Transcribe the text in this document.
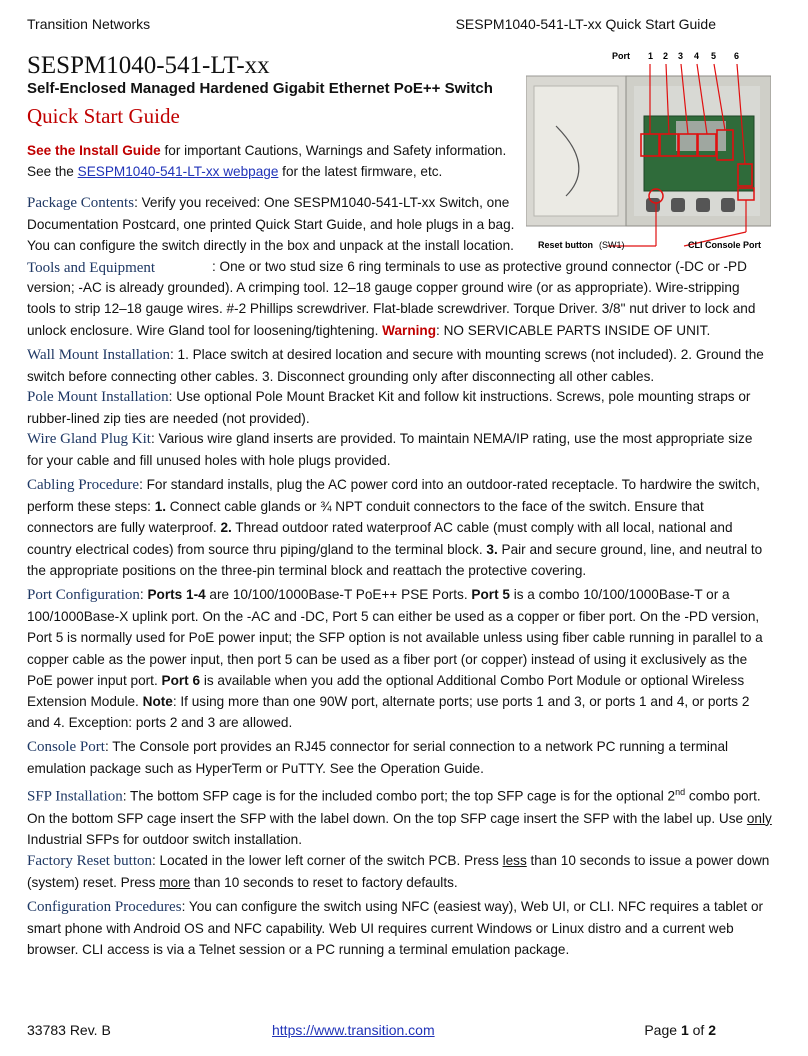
Transition Networks	SESPM1040-541-LT-xx Quick Start Guide
SESPM1040-541-LT-xx
Self-Enclosed Managed Hardened Gigabit Ethernet PoE++ Switch
Quick Start Guide
See the Install Guide for important Cautions, Warnings and Safety information.
See the SESPM1040-541-LT-xx webpage for the latest firmware, etc.
Port 1 2 3 4 5 6
Reset button (SW1)	CLI Console Port
Package Contents: Verify you received: One SESPM1040-541-LT-xx Switch, one Documentation Postcard, one printed Quick Start Guide, and hole plugs in a bag. You can configure the switch directly in the box and unpack at the install location. Tools and Equipment	: One or two stud size 6 ring terminals to use as protective ground connector (-DC or -PD version; -AC is already grounded). A crimping tool. 12–18 gauge copper ground wire (or as appropriate). Wire-stripping tools to strip 12–18 gauge wires. #-2 Phillips screwdriver. Flat-blade screwdriver. Torque Driver. 3/8" nut driver to lock and unlock enclosure. Wire Gland tool for loosening/tightening. Warning: NO SERVICABLE PARTS INSIDE OF UNIT.
Wall Mount Installation: 1. Place switch at desired location and secure with mounting screws (not included). 2. Ground the switch before connecting other cables. 3. Disconnect grounding only after disconnecting all other cables.
Pole Mount Installation: Use optional Pole Mount Bracket Kit and follow kit instructions. Screws, pole mounting straps or rubber-lined zip ties are needed (not provided).
Wire Gland Plug Kit: Various wire gland inserts are provided. To maintain NEMA/IP rating, use the most appropriate size for your cable and fill unused holes with hole plugs provided.
Cabling Procedure: For standard installs, plug the AC power cord into an outdoor-rated receptacle. To hardwire the switch, perform these steps: 1. Connect cable glands or ¾ NPT conduit connectors to the face of the switch. Ensure that connectors are fully waterproof. 2. Thread outdoor rated waterproof AC cable (must comply with all local, national and country electrical codes) from source thru piping/gland to the terminal block. 3. Pair and secure ground, line, and neutral to the appropriate positions on the three-pin terminal block and reattach the protective covering.
Port Configuration: Ports 1-4 are 10/100/1000Base-T PoE++ PSE Ports. Port 5 is a combo 10/100/1000Base-T or a 100/1000Base-X uplink port. On the -AC and -DC, Port 5 can either be used as a copper or fiber port. On the -PD version, Port 5 is normally used for PoE power input; the SFP option is not available unless using fiber cable running in parallel to a copper cable as the power input, then port 5 can be used as a fiber port (or copper) instead of using it exclusively as the PoE power input port. Port 6 is available when you add the optional Additional Combo Port Module or optional Wireless Extension Module. Note: If using more than one 90W port, alternate ports; use ports 1 and 3, or ports 1 and 4, or ports 2 and 4. Exception: ports 2 and 3 are allowed.
Console Port: The Console port provides an RJ45 connector for serial connection to a network PC running a terminal emulation package such as HyperTerm or PuTTY. See the Operation Guide.
SFP Installation: The bottom SFP cage is for the included combo port; the top SFP cage is for the optional 2nd combo port. On the bottom SFP cage insert the SFP with the label down. On the top SFP cage insert the SFP with the label up. Use only Industrial SFPs for outdoor switch installation.
Factory Reset button: Located in the lower left corner of the switch PCB. Press less than 10 seconds to issue a power down (system) reset. Press more than 10 seconds to reset to factory defaults.
Configuration Procedures: You can configure the switch using NFC (easiest way), Web UI, or CLI. NFC requires a tablet or smart phone with Android OS and NFC capability. Web UI requires current Windows or Linux distro and a current web browser. CLI access is via a Telnet session or a PC running a terminal emulation package.
33783 Rev. B	https://www.transition.com	Page 1 of 2
